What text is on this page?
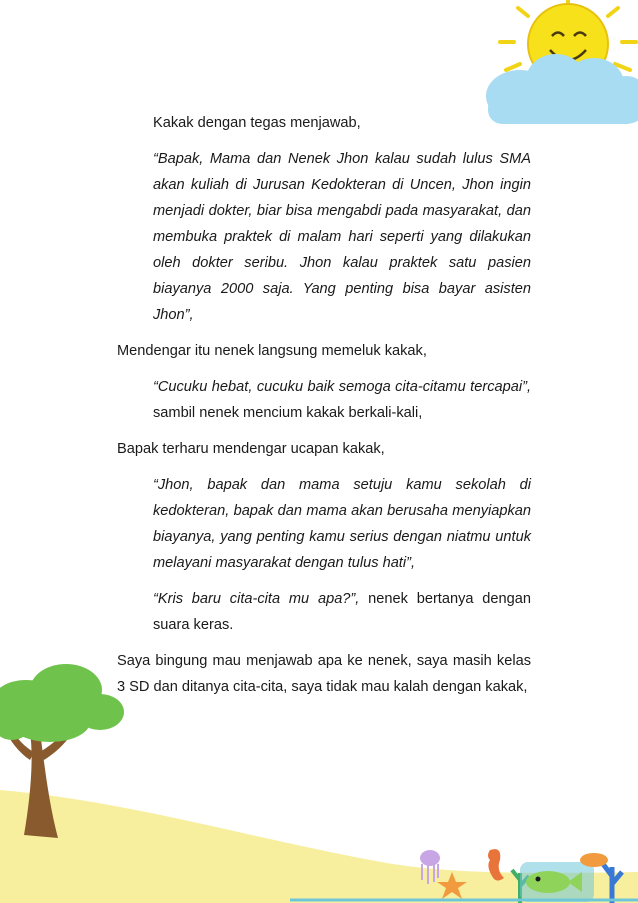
Kakak dengan tegas menjawab,

“Bapak, Mama dan Nenek Jhon kalau sudah lulus SMA akan kuliah di Jurusan Kedokteran di Uncen, Jhon ingin menjadi dokter, biar bisa mengabdi pada masyarakat, dan membuka praktek di malam hari seperti yang dilakukan oleh dokter seribu. Jhon kalau praktek satu pasien biayanya 2000 saja. Yang penting bisa bayar asisten Jhon”,

Mendengar itu nenek langsung memeluk kakak,

“Cucuku hebat, cucuku baik semoga cita-citamu tercapai”, sambil nenek mencium kakak berkali-kali,

Bapak terharu mendengar ucapan kakak,

“Jhon, bapak dan mama setuju kamu sekolah di kedokteran, bapak dan mama akan berusaha menyiapkan biayanya, yang penting kamu serius dengan niatmu untuk melayani masyarakat dengan tulus hati”,

“Kris baru cita-cita mu apa?”, nenek bertanya dengan suara keras.

Saya bingung mau menjawab apa ke nenek, saya masih kelas 3 SD dan ditanya cita-cita, saya tidak mau kalah dengan kakak,
